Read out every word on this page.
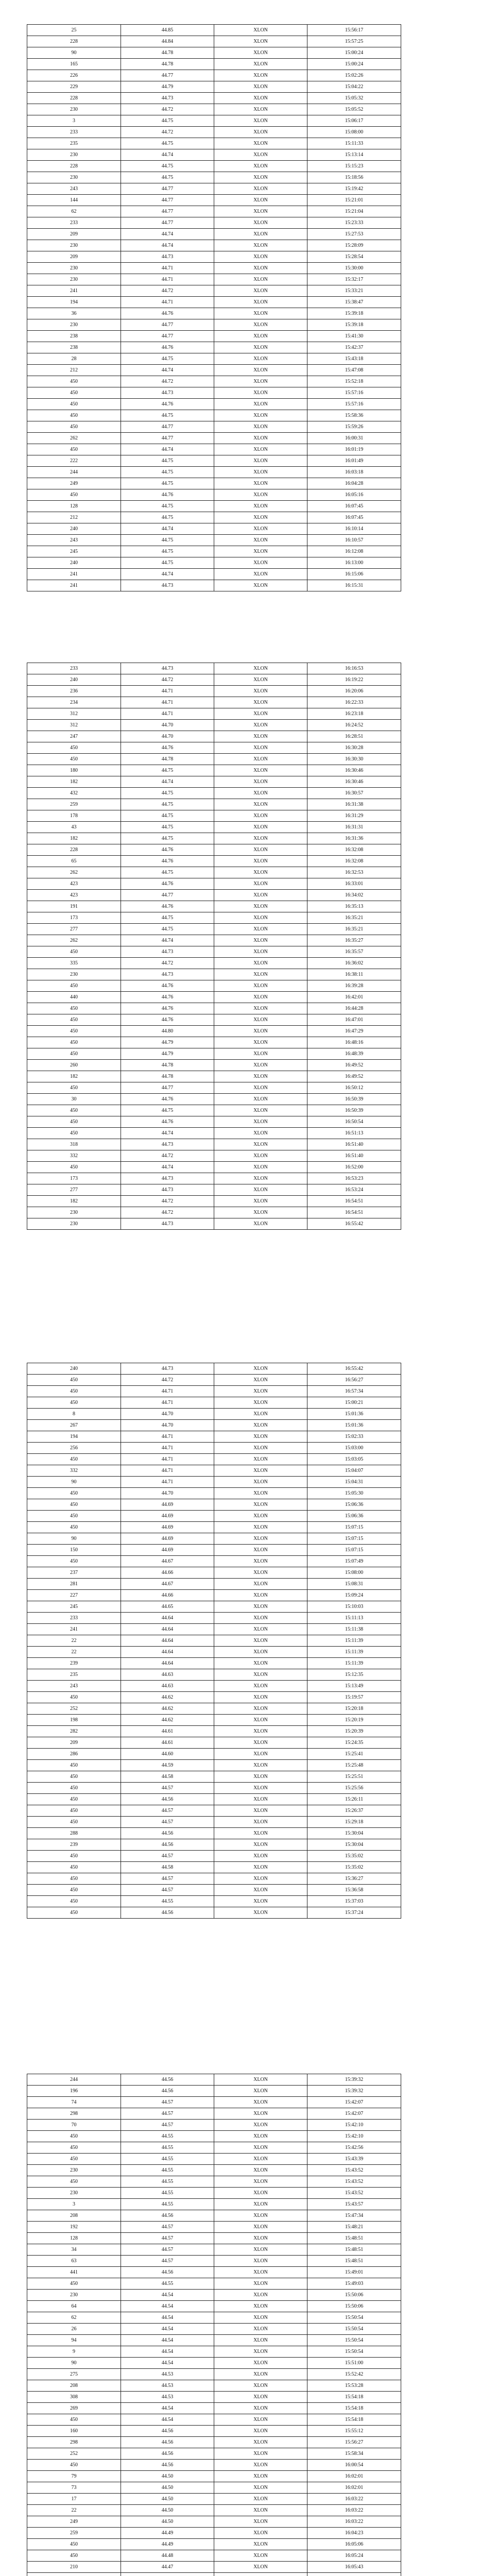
25	44.85	XLON	15:56:17
228	44.84	XLON	15:57:25
90	44.78	XLON	15:00:24
165	44.78	XLON	15:00:24
226	44.77	XLON	15:02:26
229	44.79	XLON	15:04:22
228	44.73	XLON	15:05:32
230	44.72	XLON	15:05:52
3	44.75	XLON	15:06:17
233	44.72	XLON	15:08:00
235	44.75	XLON	15:11:33
230	44.74	XLON	15:13:14
228	44.75	XLON	15:15:23
230	44.75	XLON	15:18:56
243	44.77	XLON	15:19:42
144	44.77	XLON	15:21:01
62	44.77	XLON	15:21:04
233	44.77	XLON	15:23:33
209	44.74	XLON	15:27:53
230	44.74	XLON	15:28:09
209	44.73	XLON	15:28:54
230	44.71	XLON	15:30:00
230	44.71	XLON	15:32:17
241	44.72	XLON	15:33:21
194	44.71	XLON	15:38:47
36	44.76	XLON	15:39:18
230	44.77	XLON	15:39:18
238	44.77	XLON	15:41:30
238	44.76	XLON	15:42:37
28	44.75	XLON	15:43:18
212	44.74	XLON	15:47:08
450	44.72	XLON	15:52:18
450	44.73	XLON	15:57:16
450	44.76	XLON	15:57:16
450	44.75	XLON	15:58:36
450	44.77	XLON	15:59:26
262	44.77	XLON	16:00:31
450	44.74	XLON	16:01:19
222	44.75	XLON	16:01:49
244	44.75	XLON	16:03:18
249	44.75	XLON	16:04:28
450	44.76	XLON	16:05:16
128	44.75	XLON	16:07:45
212	44.75	XLON	16:07:45
240	44.74	XLON	16:10:14
243	44.75	XLON	16:10:57
245	44.75	XLON	16:12:08
240	44.75	XLON	16:13:00
241	44.74	XLON	16:15:06
241	44.73	XLON	16:15:31
233	44.73	XLON	16:16:53
240	44.72	XLON	16:19:22
236	44.71	XLON	16:20:06
234	44.71	XLON	16:22:33
312	44.71	XLON	16:23:18
312	44.70	XLON	16:24:52
247	44.70	XLON	16:28:51
450	44.76	XLON	16:30:28
450	44.78	XLON	16:30:30
180	44.75	XLON	16:30:46
182	44.74	XLON	16:30:46
432	44.75	XLON	16:30:57
259	44.75	XLON	16:31:38
178	44.75	XLON	16:31:29
43	44.75	XLON	16:31:31
182	44.75	XLON	16:31:36
228	44.76	XLON	16:32:08
65	44.76	XLON	16:32:08
262	44.75	XLON	16:32:53
423	44.76	XLON	16:33:01
423	44.77	XLON	16:34:02
191	44.76	XLON	16:35:13
173	44.75	XLON	16:35:21
277	44.75	XLON	16:35:21
262	44.74	XLON	16:35:27
450	44.73	XLON	16:35:57
335	44.72	XLON	16:36:02
230	44.73	XLON	16:38:11
450	44.76	XLON	16:39:28
440	44.76	XLON	16:42:01
450	44.76	XLON	16:44:28
450	44.76	XLON	16:47:01
450	44.80	XLON	16:47:29
450	44.79	XLON	16:48:16
450	44.79	XLON	16:48:39
260	44.78	XLON	16:49:52
182	44.78	XLON	16:49:52
450	44.77	XLON	16:50:12
30	44.76	XLON	16:50:39
450	44.75	XLON	16:50:39
450	44.76	XLON	16:50:54
450	44.74	XLON	16:51:13
318	44.73	XLON	16:51:40
332	44.72	XLON	16:51:40
450	44.74	XLON	16:52:00
173	44.73	XLON	16:53:23
277	44.73	XLON	16:53:24
182	44.72	XLON	16:54:51
230	44.72	XLON	16:54:51
230	44.73	XLON	16:55:42
240	44.73	XLON	16:55:42
450	44.72	XLON	16:56:27
450	44.71	XLON	16:57:34
450	44.71	XLON	15:00:21
8	44.70	XLON	15:01:36
267	44.70	XLON	15:01:36
194	44.71	XLON	15:02:33
256	44.71	XLON	15:03:00
450	44.71	XLON	15:03:05
332	44.71	XLON	15:04:07
90	44.71	XLON	15:04:31
450	44.70	XLON	15:05:30
450	44.69	XLON	15:06:36
450	44.69	XLON	15:06:36
450	44.69	XLON	15:07:15
90	44.69	XLON	15:07:15
150	44.69	XLON	15:07:15
450	44.67	XLON	15:07:49
237	44.66	XLON	15:08:00
281	44.67	XLON	15:08:31
227	44.66	XLON	15:09:24
245	44.65	XLON	15:10:03
233	44.64	XLON	15:11:13
241	44.64	XLON	15:11:38
22	44.64	XLON	15:11:39
22	44.64	XLON	15:11:39
239	44.64	XLON	15:11:39
235	44.63	XLON	15:12:35
243	44.63	XLON	15:13:49
450	44.62	XLON	15:19:57
252	44.62	XLON	15:20:18
198	44.62	XLON	15:20:19
282	44.61	XLON	15:20:39
209	44.61	XLON	15:24:35
286	44.60	XLON	15:25:41
450	44.59	XLON	15:25:48
450	44.58	XLON	15:25:51
450	44.57	XLON	15:25:56
450	44.56	XLON	15:26:11
450	44.57	XLON	15:26:37
450	44.57	XLON	15:29:18
288	44.56	XLON	15:30:04
239	44.56	XLON	15:30:04
450	44.57	XLON	15:35:02
450	44.58	XLON	15:35:02
450	44.57	XLON	15:36:27
450	44.57	XLON	15:36:58
450	44.55	XLON	15:37:03
450	44.56	XLON	15:37:24
244	44.56	XLON	15:39:32
196	44.56	XLON	15:39:32
74	44.57	XLON	15:42:07
298	44.57	XLON	15:42:07
70	44.57	XLON	15:42:10
450	44.55	XLON	15:42:10
450	44.55	XLON	15:42:56
450	44.55	XLON	15:43:39
230	44.55	XLON	15:43:52
450	44.55	XLON	15:43:52
230	44.55	XLON	15:43:52
3	44.55	XLON	15:43:57
208	44.56	XLON	15:47:34
192	44.57	XLON	15:48:21
128	44.57	XLON	15:48:51
34	44.57	XLON	15:48:51
63	44.57	XLON	15:48:51
441	44.56	XLON	15:49:01
450	44.55	XLON	15:49:03
230	44.54	XLON	15:50:06
64	44.54	XLON	15:50:06
62	44.54	XLON	15:50:54
26	44.54	XLON	15:50:54
94	44.54	XLON	15:50:54
9	44.54	XLON	15:50:54
90	44.54	XLON	15:51:00
275	44.53	XLON	15:52:42
208	44.53	XLON	15:53:28
308	44.53	XLON	15:54:18
269	44.54	XLON	15:54:18
450	44.54	XLON	15:54:18
160	44.56	XLON	15:55:12
298	44.56	XLON	15:56:27
252	44.56	XLON	15:58:34
450	44.56	XLON	16:00:54
79	44.50	XLON	16:02:01
73	44.50	XLON	16:02:01
17	44.50	XLON	16:03:22
22	44.50	XLON	16:03:22
249	44.50	XLON	16:03:22
259	44.49	XLON	16:04:23
450	44.49	XLON	16:05:06
450	44.48	XLON	16:05:24
210	44.47	XLON	16:05:43
